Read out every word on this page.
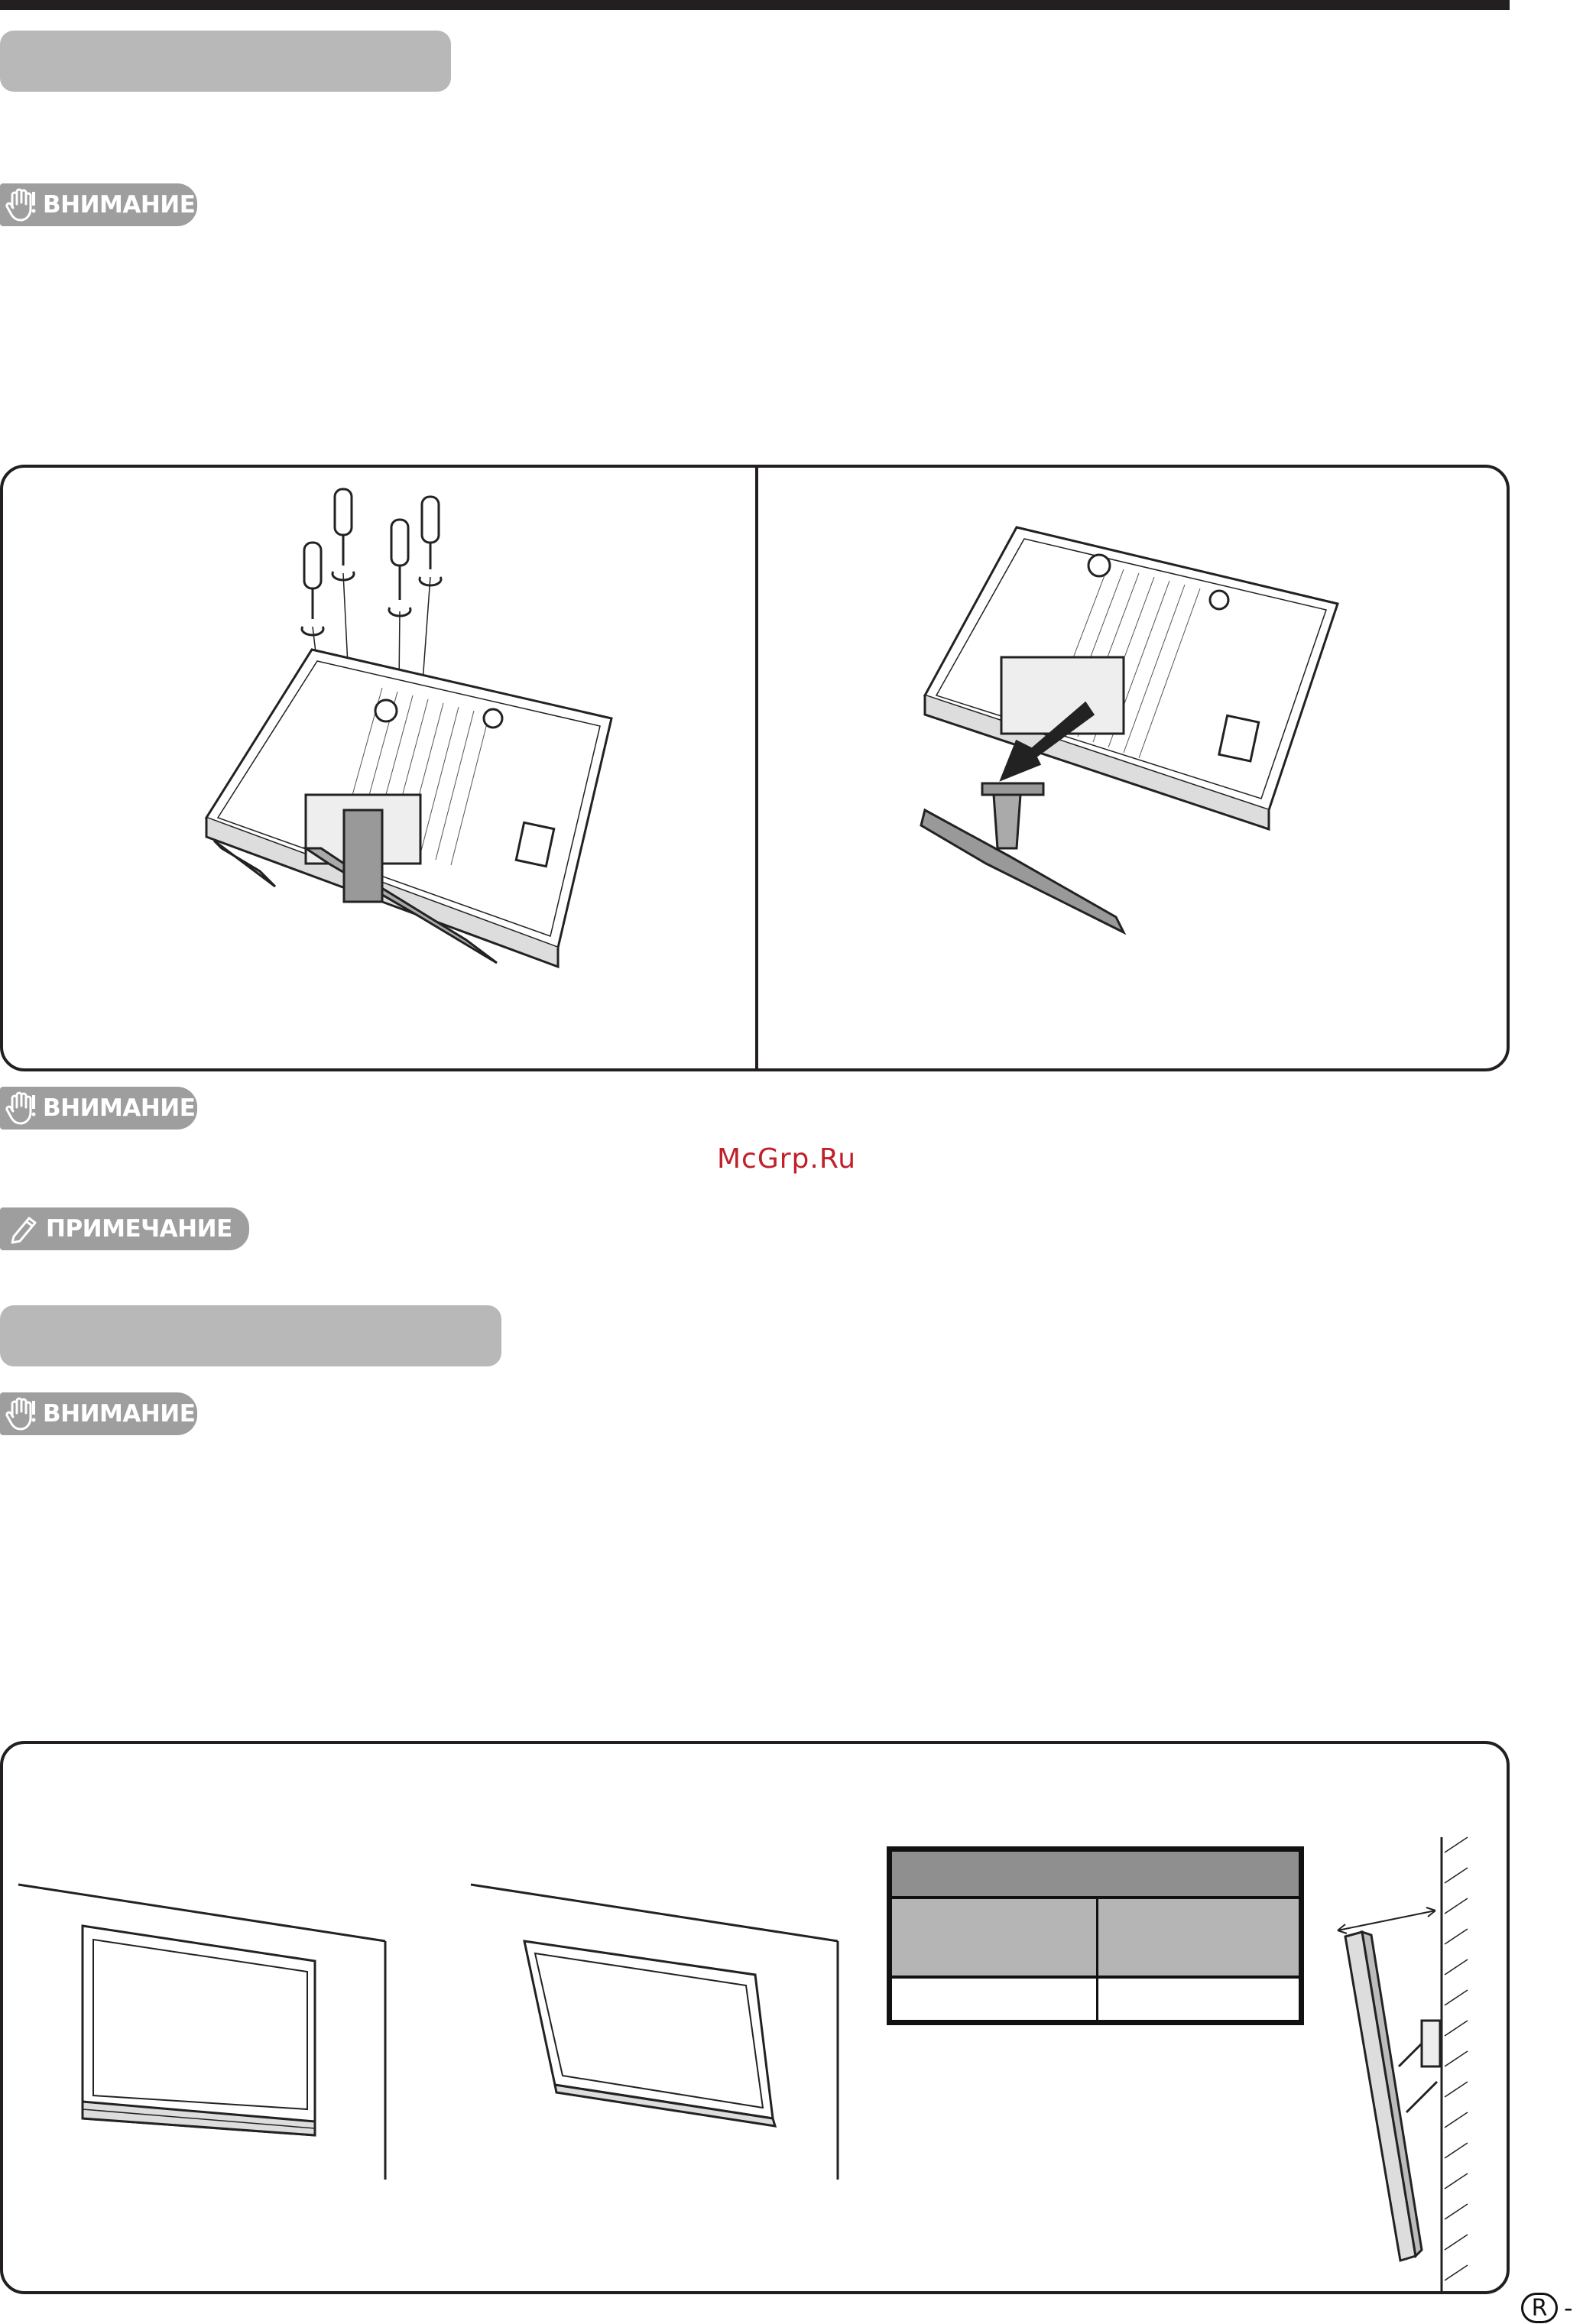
ВНИМАНИЕ
ВНИМАНИЕ
McGrp.Ru
ПРИМЕЧАНИЕ
ВНИМАНИЕ
R -
